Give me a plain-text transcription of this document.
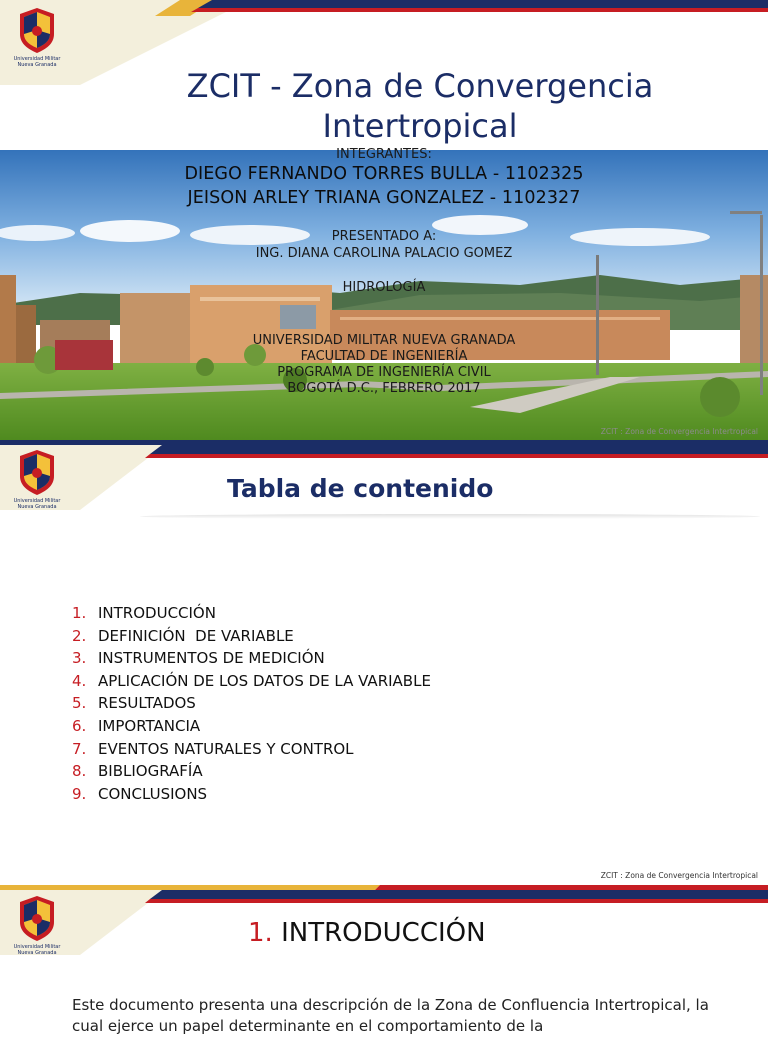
Universidad Militar
Nueva Granada
ZCIT - Zona de Convergencia Intertropical
INTEGRANTES:
DIEGO FERNANDO TORRES BULLA - 1102325
JEISON ARLEY TRIANA GONZALEZ - 1102327
PRESENTADO A:
ING. DIANA CAROLINA PALACIO GOMEZ
HIDROLOGÍA
UNIVERSIDAD MILITAR NUEVA GRANADA
FACULTAD DE INGENIERÍA
PROGRAMA DE INGENIERÍA CIVIL
BOGOTÁ D.C., FEBRERO 2017
ZCIT : Zona de Convergencia Intertropical
Universidad Militar
Nueva Granada
Tabla de contenido
1. INTRODUCCIÓN
2. DEFINICIÓN  DE VARIABLE
3. INSTRUMENTOS DE MEDICIÓN
4. APLICACIÓN DE LOS DATOS DE LA VARIABLE
5. RESULTADOS
6. IMPORTANCIA
7. EVENTOS NATURALES Y CONTROL
8. BIBLIOGRAFÍA
9. CONCLUSIONS
ZCIT : Zona de Convergencia Intertropical
Universidad Militar
Nueva Granada
1. INTRODUCCIÓN
Este documento presenta una descripción de la Zona de Confluencia Intertropical, la cual ejerce un papel determinante en el comportamiento de la
